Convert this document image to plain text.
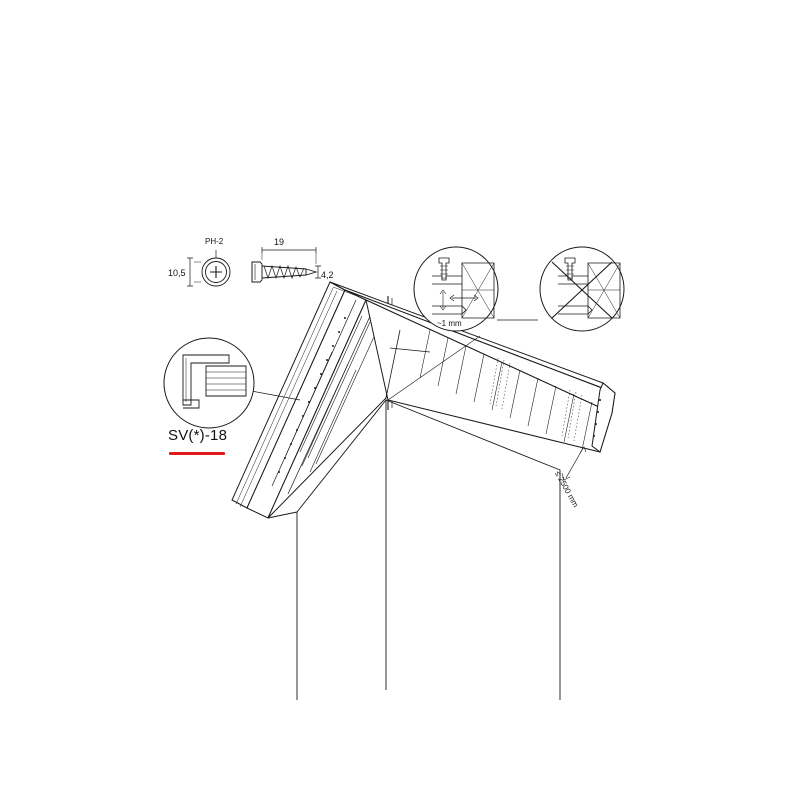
PH-2	19
10,5	4,2
~1 mm
≤ 2500 mm
SV(*)-18
